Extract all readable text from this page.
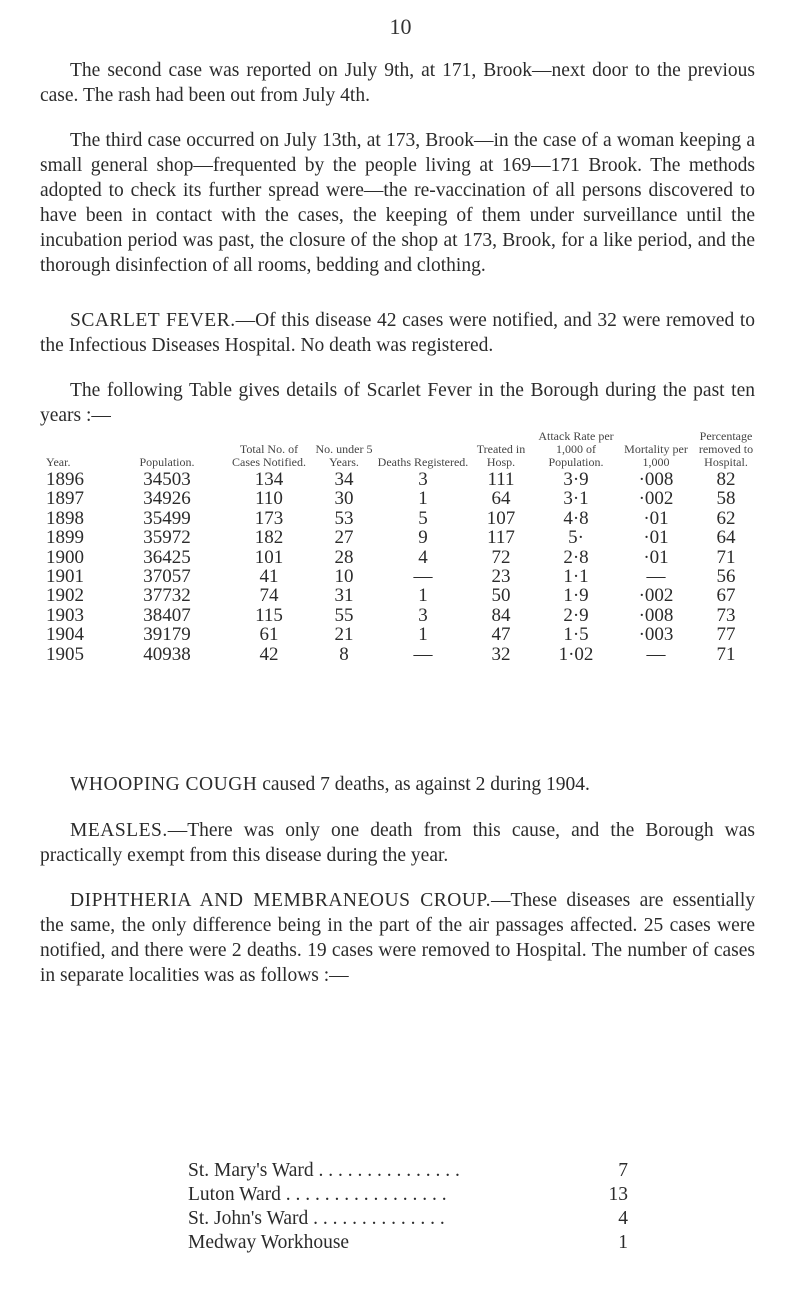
10

The second case was reported on July 9th, at 171, Brook—next door to the previous case. The rash had been out from July 4th.

The third case occurred on July 13th, at 173, Brook—in the case of a woman keeping a small general shop—frequented by the people living at 169—171 Brook. The methods adopted to check its further spread were—the re-vaccination of all persons discovered to have been in contact with the cases, the keeping of them under surveillance until the incubation period was past, the closure of the shop at 173, Brook, for a like period, and the thorough disinfection of all rooms, bedding and clothing.

SCARLET FEVER.—Of this disease 42 cases were notified, and 32 were removed to the Infectious Diseases Hospital. No death was registered.

The following Table gives details of Scarlet Fever in the Borough during the past ten years :—

Year.	Population.	Total No. of Cases Notified.	No. under 5 Years.	Deaths Registered.	Treated in Hosp.	Attack Rate per 1,000 of Population.	Mortality per 1,000	Percentage removed to Hospital.
1896	34503	134	34	3	111	3·9	·008	82
1897	34926	110	30	1	64	3·1	·002	58
1898	35499	173	53	5	107	4·8	·01	62
1899	35972	182	27	9	117	5·	·01	64
1900	36425	101	28	4	72	2·8	·01	71
1901	37057	41	10	—	23	1·1	—	56
1902	37732	74	31	1	50	1·9	·002	67
1903	38407	115	55	3	84	2·9	·008	73
1904	39179	61	21	1	47	1·5	·003	77
1905	40938	42	8	—	32	1·02	—	71

WHOOPING COUGH caused 7 deaths, as against 2 during 1904.

MEASLES.—There was only one death from this cause, and the Borough was practically exempt from this disease during the year.

DIPHTHERIA AND MEMBRANEOUS CROUP.—These diseases are essentially the same, the only difference being in the part of the air passages affected. 25 cases were notified, and there were 2 deaths. 19 cases were removed to Hospital. The number of cases in separate localities was as follows :—

St. Mary's Ward . . . . . . . . . . . . . . .	7
Luton Ward . . . . . . . . . . . . . . . . .	13
St. John's Ward . . . . . . . . . . . . . .	4
Medway Workhouse	1
